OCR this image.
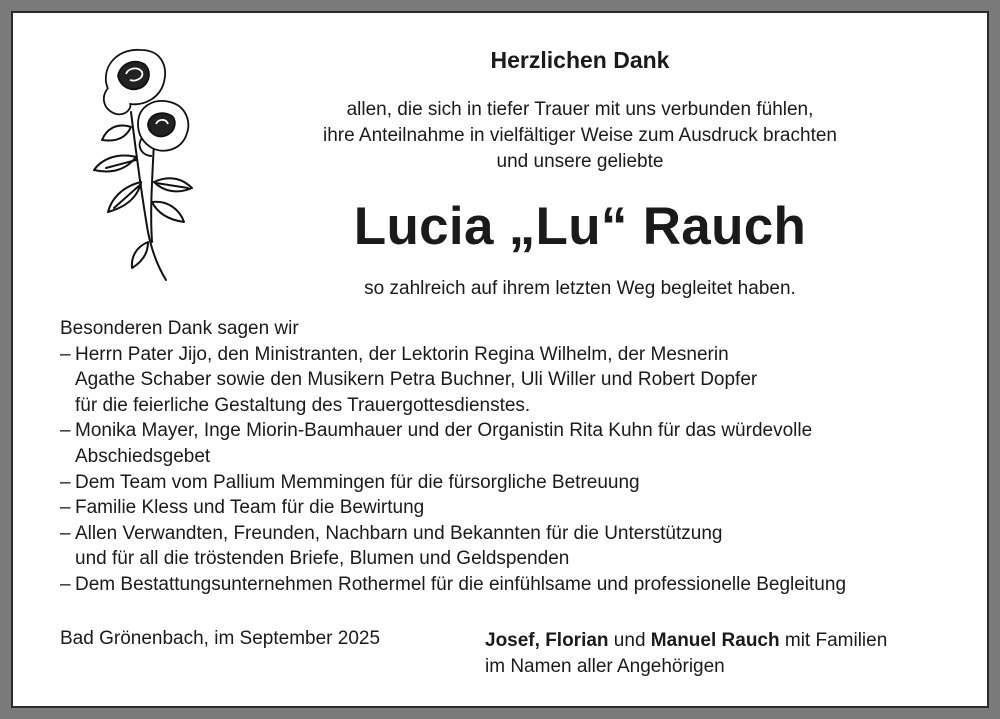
Herzlichen Dank
allen, die sich in tiefer Trauer mit uns verbunden fühlen,
ihre Anteilnahme in vielfältiger Weise zum Ausdruck brachten
und unsere geliebte
Lucia „Lu“ Rauch
so zahlreich auf ihrem letzten Weg begleitet haben.
Besonderen Dank sagen wir
– Herrn Pater Jijo, den Ministranten, der Lektorin Regina Wilhelm, der Mesnerin
Agathe Schaber sowie den Musikern Petra Buchner, Uli Willer und Robert Dopfer
für die feierliche Gestaltung des Trauergottesdienstes.
– Monika Mayer, Inge Miorin-Baumhauer und der Organistin Rita Kuhn für das würdevolle
Abschiedsgebet
– Dem Team vom Pallium Memmingen für die fürsorgliche Betreuung
– Familie Kless und Team für die Bewirtung
– Allen Verwandten, Freunden, Nachbarn und Bekannten für die Unterstützung
und für all die tröstenden Briefe, Blumen und Geldspenden
– Dem Bestattungsunternehmen Rothermel für die einfühlsame und professionelle Begleitung
Bad Grönenbach, im September 2025	Josef, Florian und Manuel Rauch mit Familien
im Namen aller Angehörigen
